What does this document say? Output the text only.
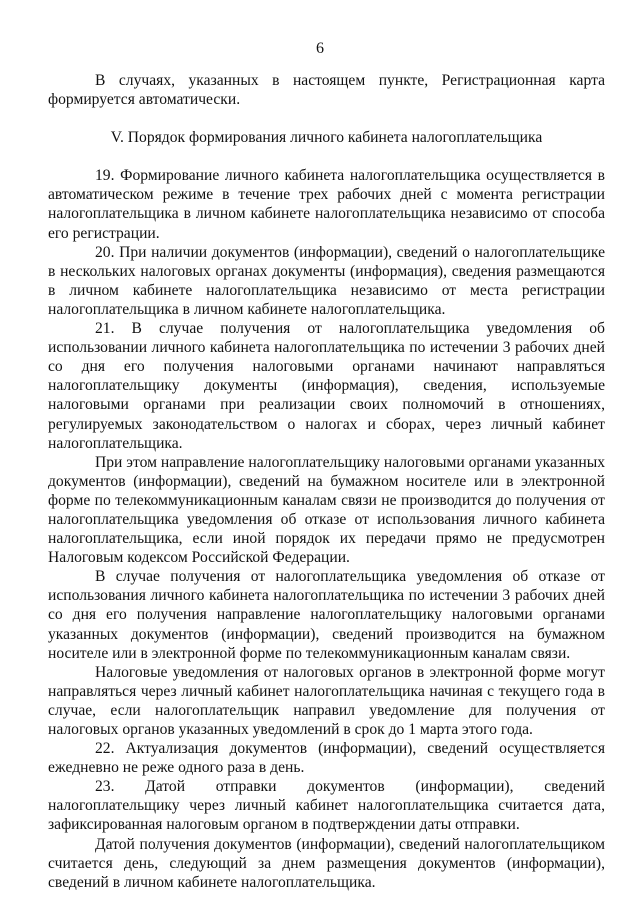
6

В случаях, указанных в настоящем пункте, Регистрационная карта формируется автоматически.

V. Порядок формирования личного кабинета налогоплательщика

19. Формирование личного кабинета налогоплательщика осуществляется в автоматическом режиме в течение трех рабочих дней с момента регистрации налогоплательщика в личном кабинете налогоплательщика независимо от способа его регистрации.

20. При наличии документов (информации), сведений о налогоплательщике в нескольких налоговых органах документы (информация), сведения размещаются в личном кабинете налогоплательщика независимо от места регистрации налогоплательщика в личном кабинете налогоплательщика.

21. В случае получения от налогоплательщика уведомления об использовании личного кабинета налогоплательщика по истечении 3 рабочих дней со дня его получения налоговыми органами начинают направляться налогоплательщику документы (информация), сведения, используемые налоговыми органами при реализации своих полномочий в отношениях, регулируемых законодательством о налогах и сборах, через личный кабинет налогоплательщика.

При этом направление налогоплательщику налоговыми органами указанных документов (информации), сведений на бумажном носителе или в электронной форме по телекоммуникационным каналам связи не производится до получения от налогоплательщика уведомления об отказе от использования личного кабинета налогоплательщика, если иной порядок их передачи прямо не предусмотрен Налоговым кодексом Российской Федерации.

В случае получения от налогоплательщика уведомления об отказе от использования личного кабинета налогоплательщика по истечении 3 рабочих дней со дня его получения направление налогоплательщику налоговыми органами указанных документов (информации), сведений производится на бумажном носителе или в электронной форме по телекоммуникационным каналам связи.

Налоговые уведомления от налоговых органов в электронной форме могут направляться через личный кабинет налогоплательщика начиная с текущего года в случае, если налогоплательщик направил уведомление для получения от налоговых органов указанных уведомлений в срок до 1 марта этого года.

22. Актуализация документов (информации), сведений осуществляется ежедневно не реже одного раза в день.

23. Датой отправки документов (информации), сведений налогоплательщику через личный кабинет налогоплательщика считается дата, зафиксированная налоговым органом в подтверждении даты отправки.

Датой получения документов (информации), сведений налогоплательщиком считается день, следующий за днем размещения документов (информации), сведений в личном кабинете налогоплательщика.
